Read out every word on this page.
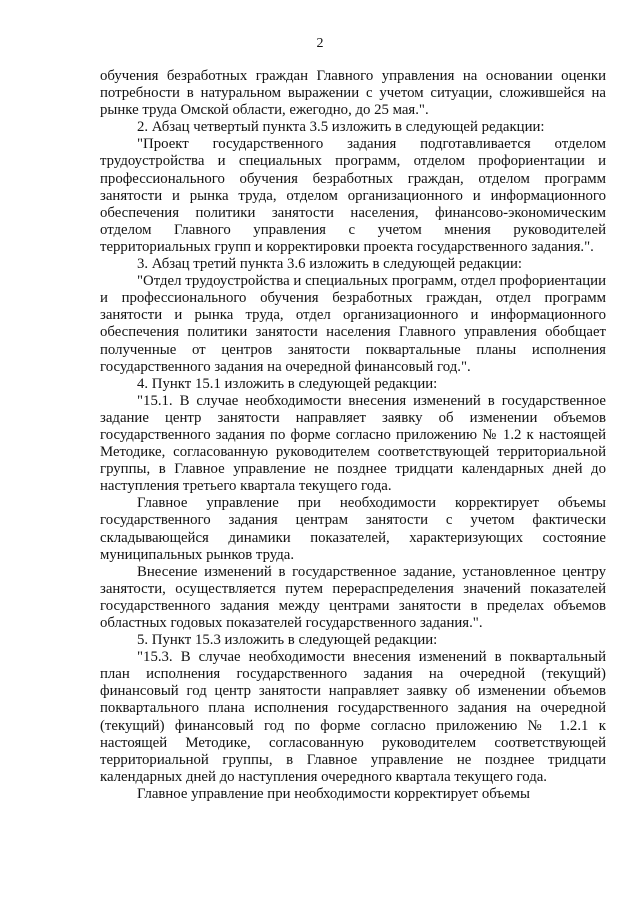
2

обучения безработных граждан Главного управления на основании оценки потребности в натуральном выражении с учетом ситуации, сложившейся на рынке труда Омской области, ежегодно, до 25 мая.".

2. Абзац четвертый пункта 3.5 изложить в следующей редакции:

"Проект государственного задания подготавливается отделом трудоустройства и специальных программ, отделом профориентации и профессионального обучения безработных граждан, отделом программ занятости и рынка труда, отделом организационного и информационного обеспечения политики занятости населения, финансово-экономическим отделом Главного управления с учетом мнения руководителей территориальных групп и корректировки проекта государственного задания.".

3. Абзац третий пункта 3.6 изложить в следующей редакции:

"Отдел трудоустройства и специальных программ, отдел профориентации и профессионального обучения безработных граждан, отдел программ занятости и рынка труда, отдел организационного и информационного обеспечения политики занятости населения Главного управления обобщает полученные от центров занятости поквартальные планы исполнения государственного задания на очередной финансовый год.".

4. Пункт 15.1 изложить в следующей редакции:

"15.1. В случае необходимости внесения изменений в государственное задание центр занятости направляет заявку об изменении объемов государственного задания по форме согласно приложению № 1.2 к настоящей Методике, согласованную руководителем соответствующей территориальной группы, в Главное управление не позднее тридцати календарных дней до наступления третьего квартала текущего года.

Главное управление при необходимости корректирует объемы государственного задания центрам занятости с учетом фактически складывающейся динамики показателей, характеризующих состояние муниципальных рынков труда.

Внесение изменений в государственное задание, установленное центру занятости, осуществляется путем перераспределения значений показателей государственного задания между центрами занятости в пределах объемов областных годовых показателей государственного задания.".

5. Пункт 15.3 изложить в следующей редакции:

"15.3. В случае необходимости внесения изменений в поквартальный план исполнения государственного задания на очередной (текущий) финансовый год центр занятости направляет заявку об изменении объемов поквартального плана исполнения государственного задания на очередной (текущий) финансовый год по форме согласно приложению № 1.2.1 к настоящей Методике, согласованную руководителем соответствующей территориальной группы, в Главное управление не позднее тридцати календарных дней до наступления очередного квартала текущего года.

Главное управление при необходимости корректирует объемы
